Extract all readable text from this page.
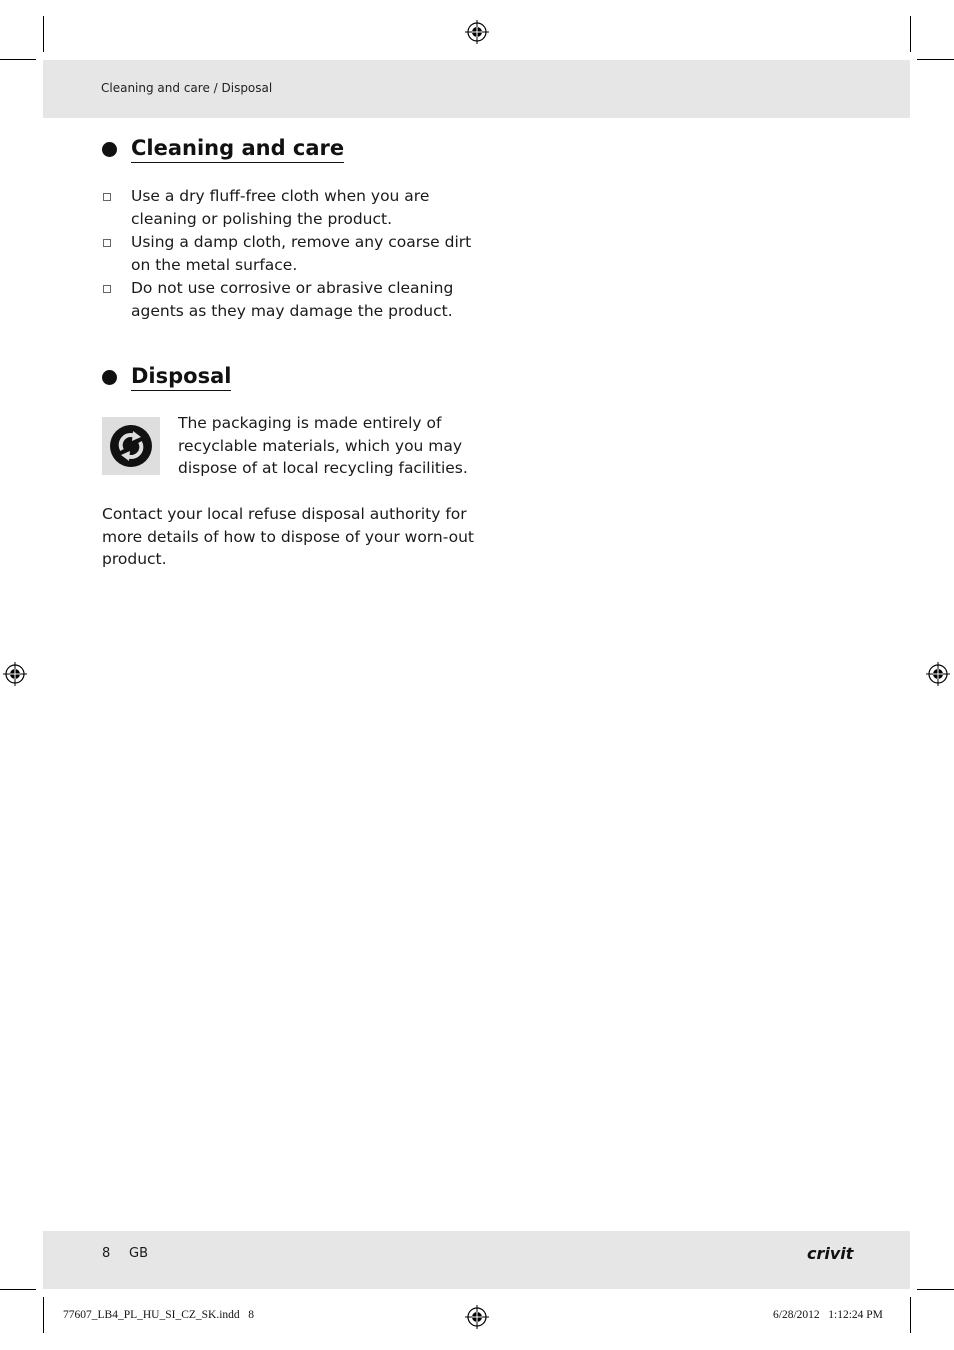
Cleaning and care / Disposal
Cleaning and care
Use a dry fluff-free cloth when you are cleaning or polishing the product.
Using a damp cloth, remove any coarse dirt on the metal surface.
Do not use corrosive or abrasive cleaning agents as they may damage the product.
Disposal

The packaging is made entirely of recyclable materials, which you may dispose of at local recycling facilities.

Contact your local refuse disposal authority for more details of how to dispose of your worn-out product.

8 GB	crivit
77607_LB4_PL_HU_SI_CZ_SK.indd   8	6/28/2012   1:12:24 PM
